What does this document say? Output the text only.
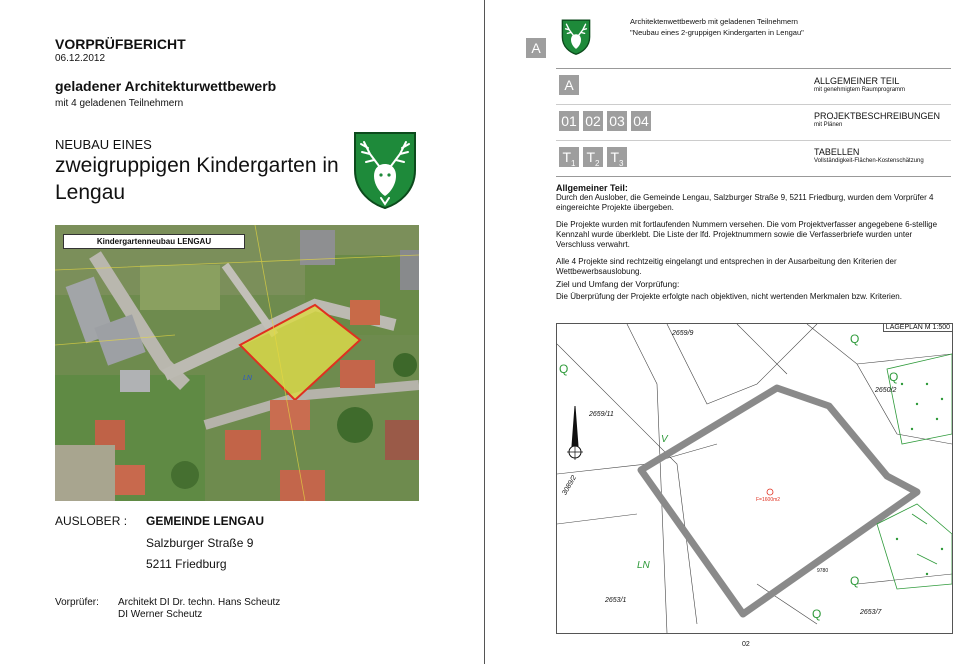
VORPRÜFBERICHT
06.12.2012
geladener Architekturwettbewerb
mit 4 geladenen Teilnehmern
NEUBAU EINES
zweigruppigen Kindergarten in Lengau
Kindergartenneubau LENGAU
LN
AUSLOBER : GEMEINDE LENGAU
Salzburger Straße 9
5211 Friedburg
Vorprüfer: Architekt DI Dr. techn. Hans Scheutz
DI Werner Scheutz
Architektenwettbewerb mit geladenen Teilnehmern
"Neubau eines 2-gruppigen Kindergarten in Lengau"
A
A
01 02 03 04
$T_1$ $T_2$ $T_3$
ALLGEMEINER TEIL
mit genehmigtem Raumprogramm
PROJEKTBESCHREIBUNGEN
mit Plänen
TABELLEN
Vollständigkeit-Flächen-Kostenschätzung
Allgemeiner Teil:

Durch den Auslober, die Gemeinde Lengau, Salzburger Straße 9, 5211 Friedburg, wurden dem Vorprüfer 4 eingereichte Projekte übergeben.

Die Projekte wurden mit fortlaufenden Nummern versehen. Die vom Projektverfasser angegebene 6-stellige Kennzahl wurde überklebt. Die Liste der lfd. Projektnummern sowie die Verfasserbriefe wurden unter Verschluss verwahrt.

Alle 4 Projekte sind rechtzeitig eingelangt und entsprechen in der Ausarbeitung den Kriterien der Wettbewerbsauslobung.

Ziel und Umfang der Vorprüfung:

Die Überprüfung der Projekte erfolgte nach objektiven, nicht wertenden Merkmalen bzw. Kriterien.

LAGEPLAN M 1:500
2659/9
2659/11
2650/2
3089/2
2653/1
2653/7
Q
Q
Q
Q
Q
V
LN
F=1600m2
9780
02
